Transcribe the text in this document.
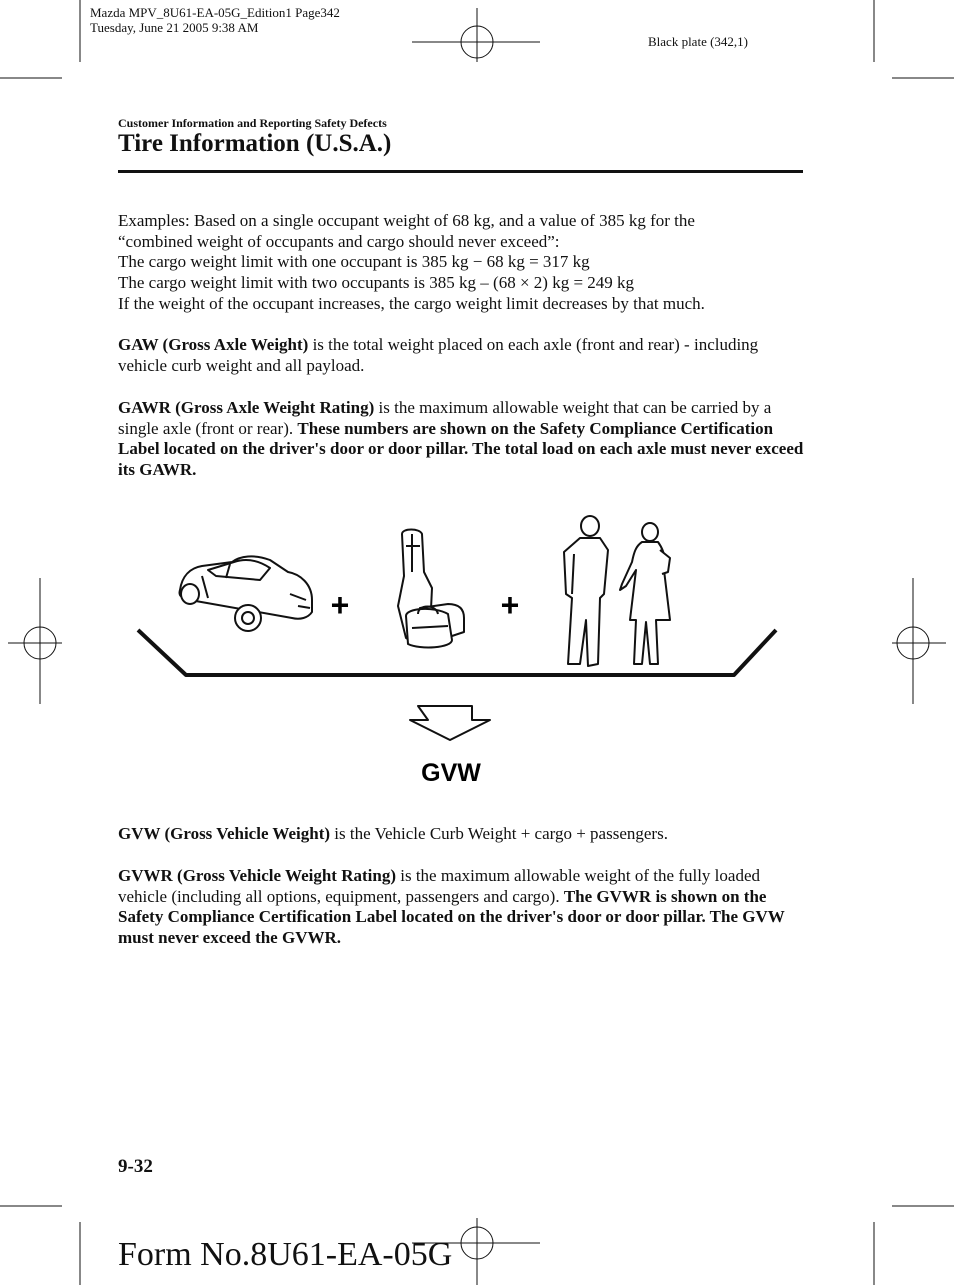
Mazda MPV_8U61-EA-05G_Edition1 Page342
Tuesday, June 21 2005 9:38 AM
Black plate (342,1)
Customer Information and Reporting Safety Defects
Tire Information (U.S.A.)

Examples: Based on a single occupant weight of 68 kg, and a value of 385 kg for the

“combined weight of occupants and cargo should never exceed”:

The cargo weight limit with one occupant is 385 kg − 68 kg = 317 kg

The cargo weight limit with two occupants is 385 kg – (68 × 2) kg = 249 kg

If the weight of the occupant increases, the cargo weight limit decreases by that much.

GAW (Gross Axle Weight) is the total weight placed on each axle (front and rear) - including vehicle curb weight and all payload.

GAWR (Gross Axle Weight Rating) is the maximum allowable weight that can be carried by a single axle (front or rear). These numbers are shown on the Safety Compliance Certification Label located on the driver's door or door pillar. The total load on each axle must never exceed its GAWR.

+	+
GVW

GVW (Gross Vehicle Weight) is the Vehicle Curb Weight + cargo + passengers.

GVWR (Gross Vehicle Weight Rating) is the maximum allowable weight of the fully loaded vehicle (including all options, equipment, passengers and cargo). The GVWR is shown on the Safety Compliance Certification Label located on the driver's door or door pillar. The GVW must never exceed the GVWR.

9-32
Form No.8U61-EA-05G
